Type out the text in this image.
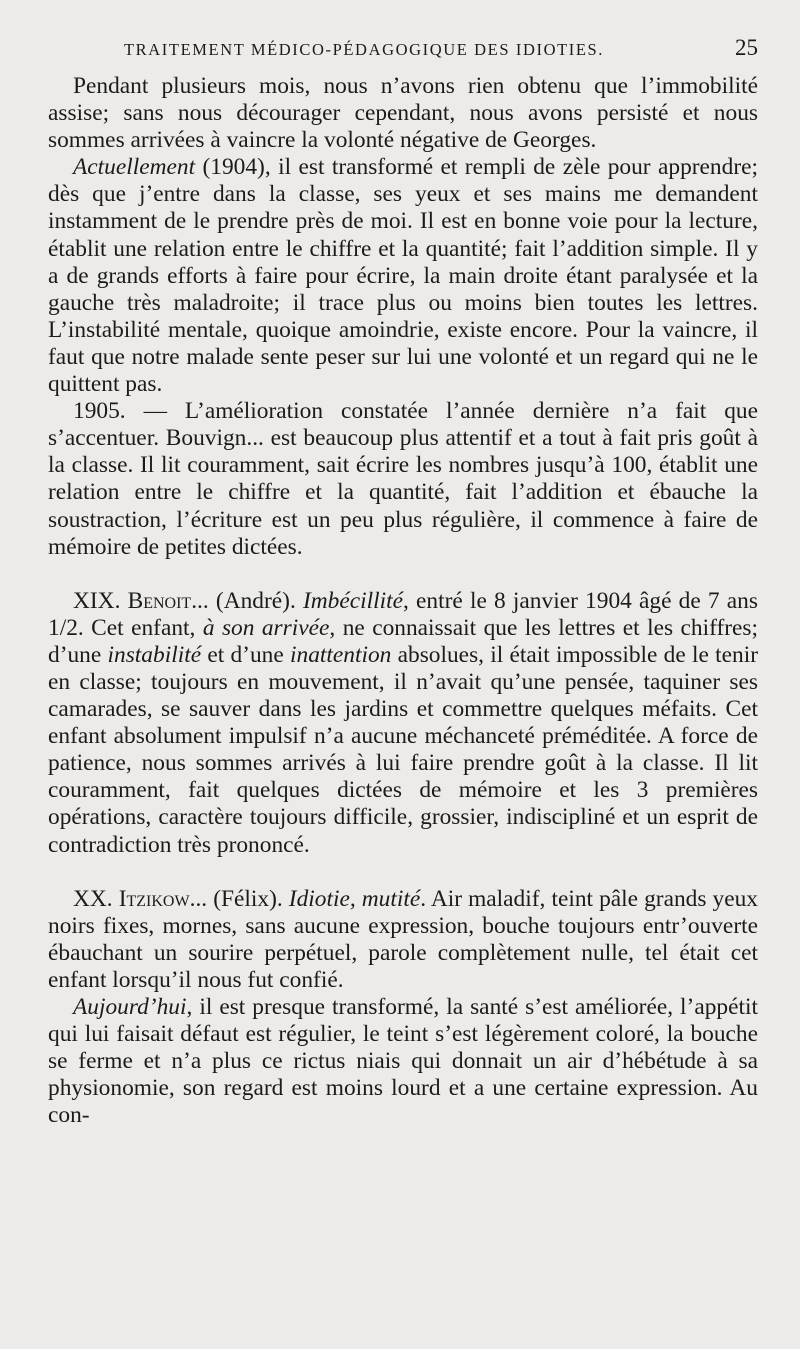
TRAITEMENT MÉDICO-PÉDAGOGIQUE DES IDIOTIES.	25

Pendant plusieurs mois, nous n’avons rien obtenu que l’immobilité assise; sans nous décourager cependant, nous avons persisté et nous sommes arrivées à vaincre la volonté négative de Georges.

Actuellement (1904), il est transformé et rempli de zèle pour apprendre; dès que j’entre dans la classe, ses yeux et ses mains me demandent instamment de le prendre près de moi. Il est en bonne voie pour la lecture, établit une relation entre le chiffre et la quantité; fait l’addition simple. Il y a de grands efforts à faire pour écrire, la main droite étant paralysée et la gauche très maladroite; il trace plus ou moins bien toutes les lettres. L’instabilité mentale, quoique amoindrie, existe encore. Pour la vaincre, il faut que notre malade sente peser sur lui une volonté et un regard qui ne le quittent pas.

1905. — L’amélioration constatée l’année dernière n’a fait que s’accentuer. Bouvign... est beaucoup plus attentif et a tout à fait pris goût à la classe. Il lit couramment, sait écrire les nombres jusqu’à 100, établit une relation entre le chiffre et la quantité, fait l’addition et ébauche la soustraction, l’écriture est un peu plus régulière, il commence à faire de mémoire de petites dictées.

XIX. Benoit... (André). Imbécillité, entré le 8 janvier 1904 âgé de 7 ans 1/2. Cet enfant, à son arrivée, ne connaissait que les lettres et les chiffres; d’une instabilité et d’une inattention absolues, il était impossible de le tenir en classe; toujours en mouvement, il n’avait qu’une pensée, taquiner ses camarades, se sauver dans les jardins et commettre quelques méfaits. Cet enfant absolument impulsif n’a aucune méchanceté préméditée. A force de patience, nous sommes arrivés à lui faire prendre goût à la classe. Il lit couramment, fait quelques dictées de mémoire et les 3 premières opérations, caractère toujours difficile, grossier, indiscipliné et un esprit de contradiction très prononcé.

XX. Itzikow... (Félix). Idiotie, mutité. Air maladif, teint pâle grands yeux noirs fixes, mornes, sans aucune expression, bouche toujours entr’ouverte ébauchant un sourire perpétuel, parole complètement nulle, tel était cet enfant lorsqu’il nous fut confié.

Aujourd’hui, il est presque transformé, la santé s’est améliorée, l’appétit qui lui faisait défaut est régulier, le teint s’est légèrement coloré, la bouche se ferme et n’a plus ce rictus niais qui donnait un air d’hébétude à sa physionomie, son regard est moins lourd et a une certaine expression. Au con-
